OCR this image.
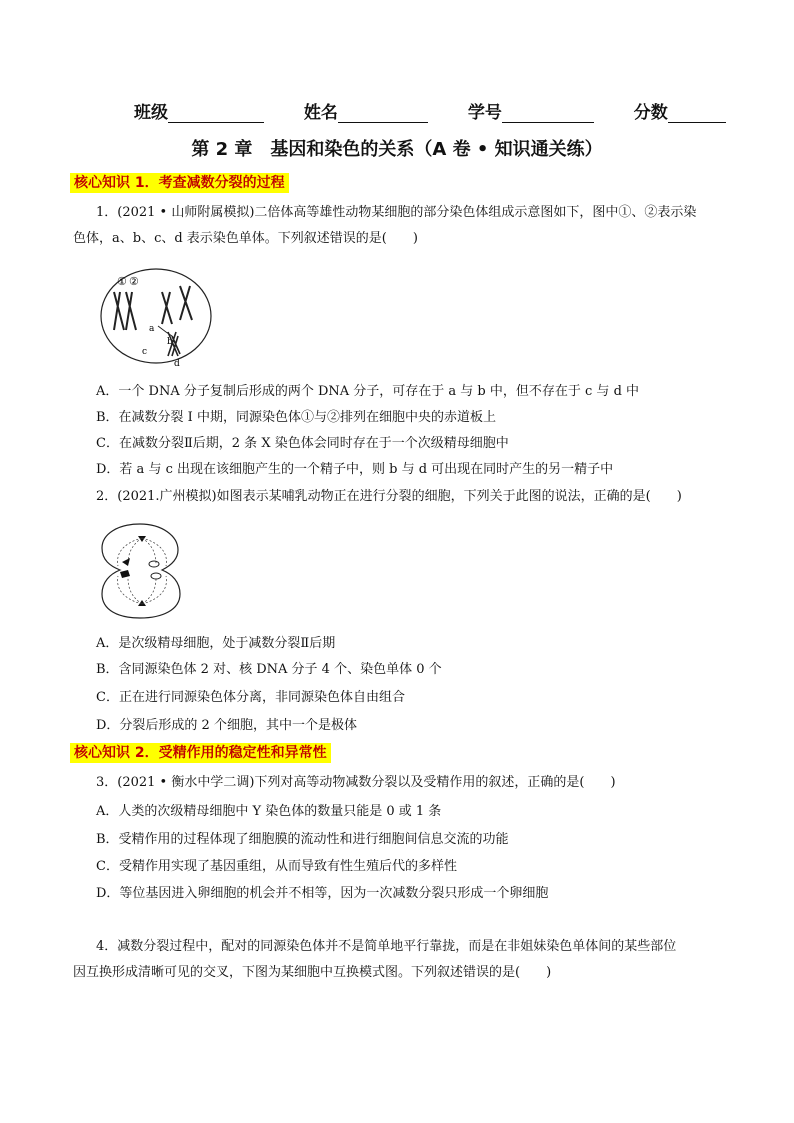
班级	姓名	学号	分数
第 2 章　基因和染色的关系（A 卷 • 知识通关练）
核心知识 1．考查减数分裂的过程
1．(2021 • 山师附属模拟)二倍体高等雄性动物某细胞的部分染色体组成示意图如下，图中①、②表示染
色体，a、b、c、d 表示染色单体。下列叙述错误的是(　　)
① ②
a
b
c
d
A．一个 DNA 分子复制后形成的两个 DNA 分子，可存在于 a 与 b 中，但不存在于 c 与 d 中
B．在减数分裂 I 中期，同源染色体①与②排列在细胞中央的赤道板上
C．在减数分裂Ⅱ后期，2 条 X 染色体会同时存在于一个次级精母细胞中
D．若 a 与 c 出现在该细胞产生的一个精子中，则 b 与 d 可出现在同时产生的另一精子中
2．(2021.广州模拟)如图表示某哺乳动物正在进行分裂的细胞，下列关于此图的说法，正确的是(　　)
A．是次级精母细胞，处于减数分裂Ⅱ后期
B．含同源染色体 2 对、核 DNA 分子 4 个、染色单体 0 个
C．正在进行同源染色体分离，非同源染色体自由组合
D．分裂后形成的 2 个细胞，其中一个是极体
核心知识 2．受精作用的稳定性和异常性
3．(2021 • 衡水中学二调)下列对高等动物减数分裂以及受精作用的叙述，正确的是(　　)
A．人类的次级精母细胞中 Y 染色体的数量只能是 0 或 1 条
B．受精作用的过程体现了细胞膜的流动性和进行细胞间信息交流的功能
C．受精作用实现了基因重组，从而导致有性生殖后代的多样性
D．等位基因进入卵细胞的机会并不相等，因为一次减数分裂只形成一个卵细胞
4．减数分裂过程中，配对的同源染色体并不是简单地平行靠拢，而是在非姐妹染色单体间的某些部位
因互换形成清晰可见的交叉，下图为某细胞中互换模式图。下列叙述错误的是(　　)
